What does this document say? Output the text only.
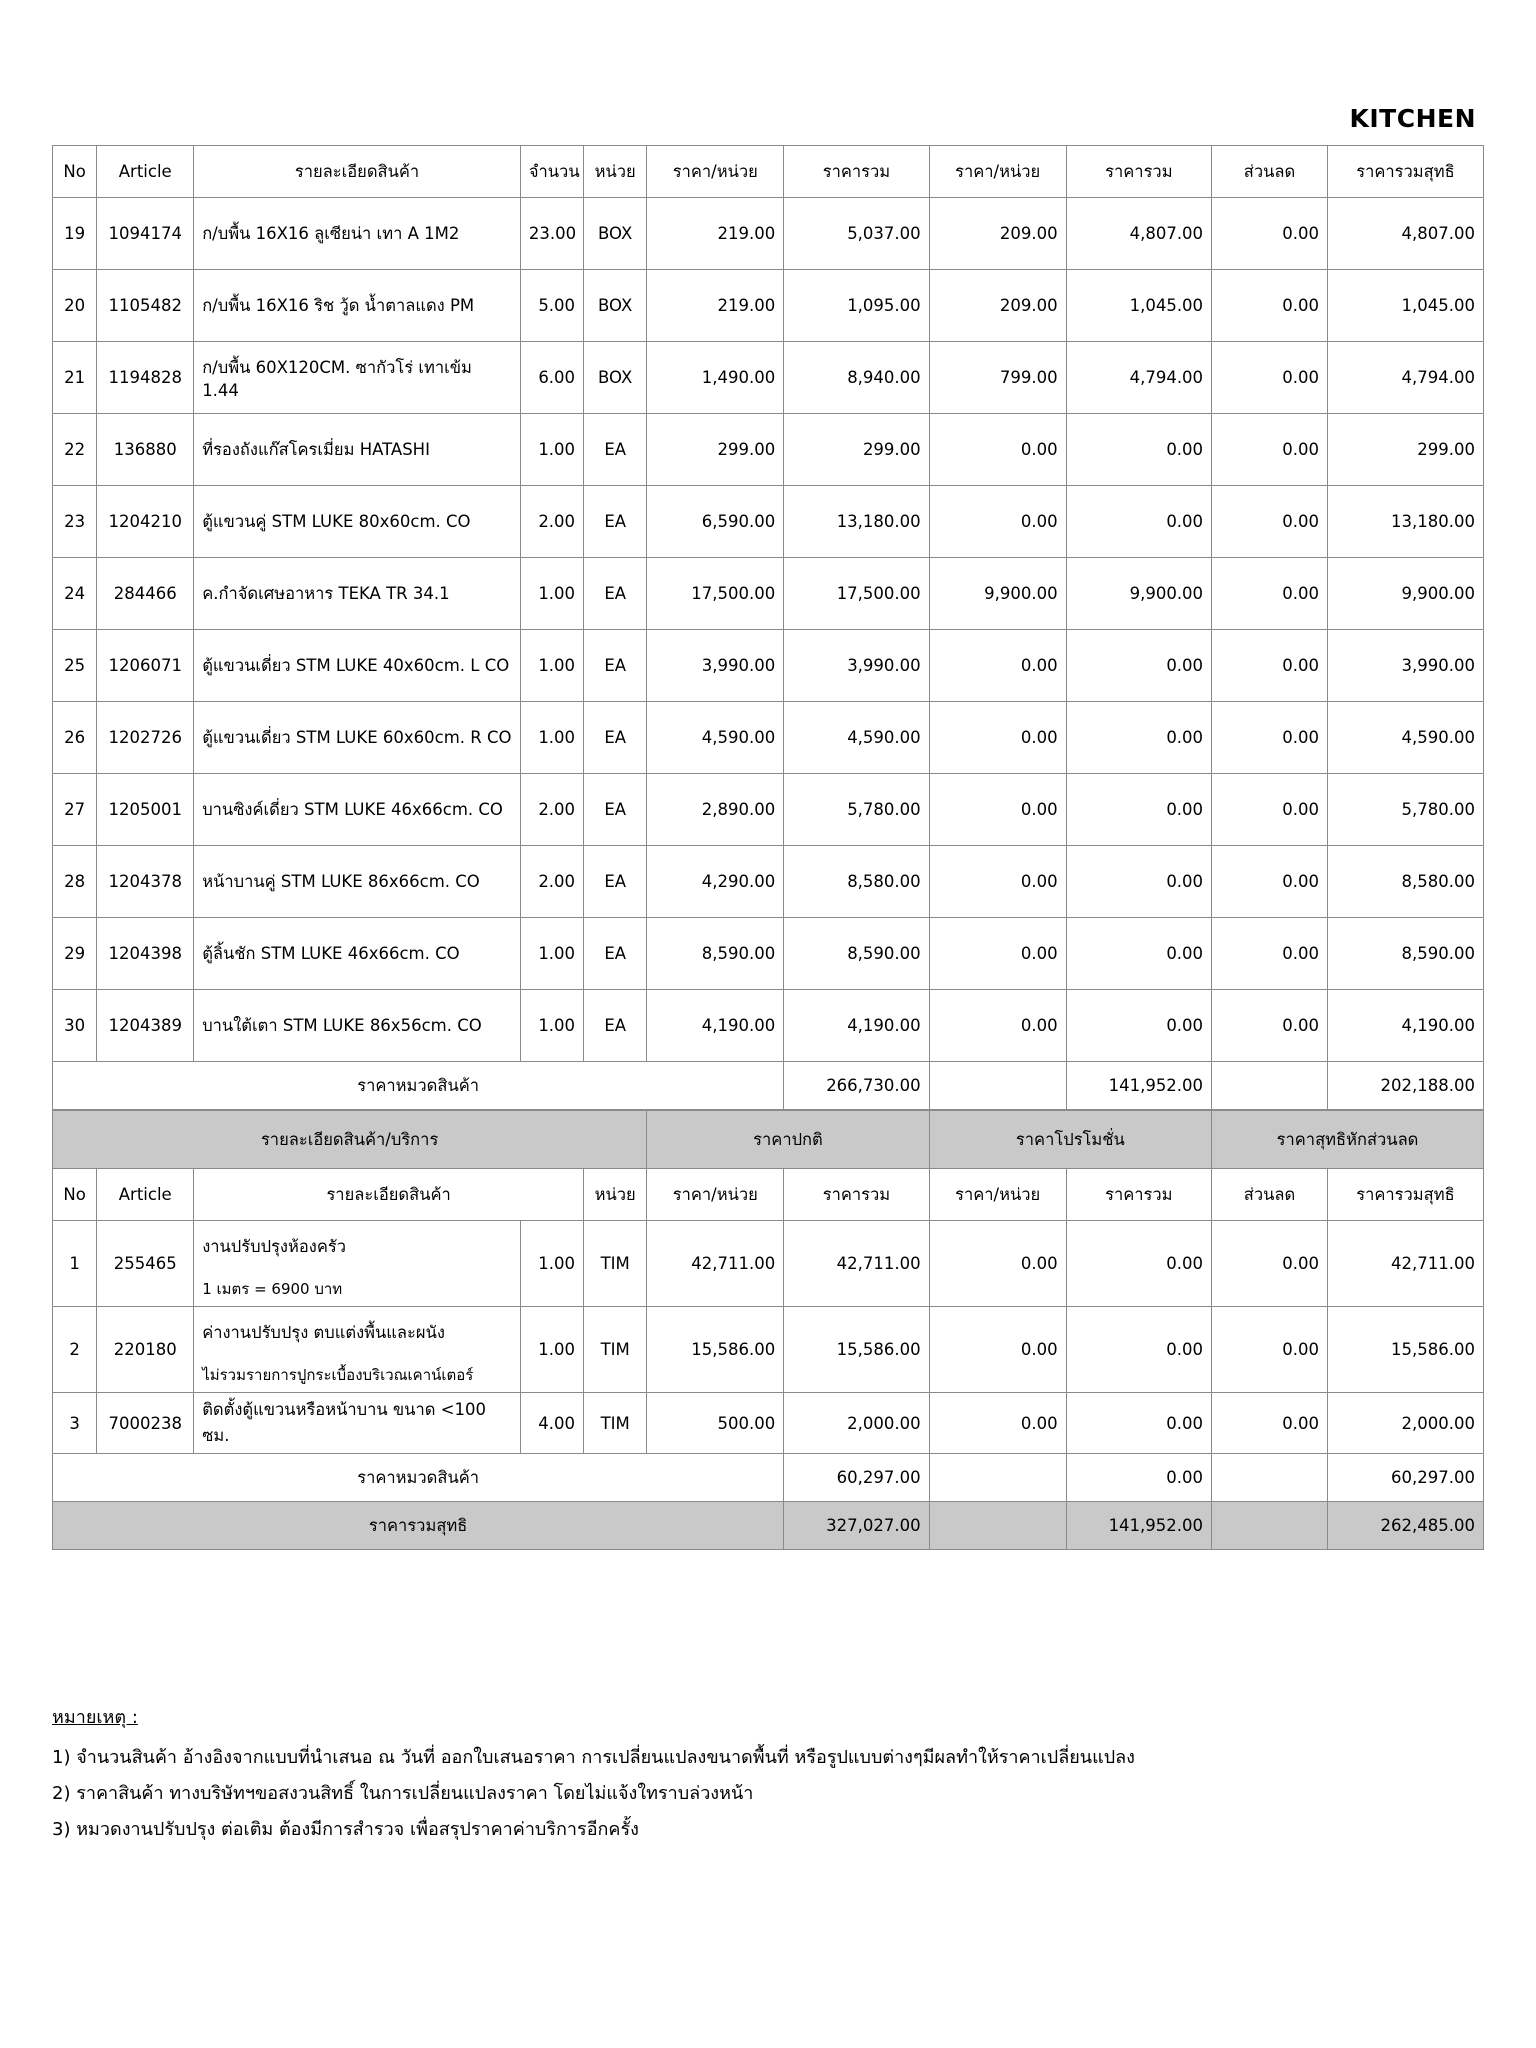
KITCHEN
No	Article	รายละเอียดสินค้า	จำนวน	หน่วย	ราคา/หน่วย	ราคารวม	ราคา/หน่วย	ราคารวม	ส่วนลด	ราคารวมสุทธิ
19	1094174	ก/บพื้น 16X16 ลูเซียน่า เทา A 1M2	23.00	BOX	219.00	5,037.00	209.00	4,807.00	0.00	4,807.00
20	1105482	ก/บพื้น 16X16 ริช วู้ด น้ำตาลแดง PM	5.00	BOX	219.00	1,095.00	209.00	1,045.00	0.00	1,045.00
21	1194828	ก/บพื้น 60X120CM. ซากัวโร่ เทาเข้ม 1.44	6.00	BOX	1,490.00	8,940.00	799.00	4,794.00	0.00	4,794.00
22	136880	ที่รองถังแก๊สโครเมี่ยม HATASHI	1.00	EA	299.00	299.00	0.00	0.00	0.00	299.00
23	1204210	ตู้แขวนคู่ STM LUKE 80x60cm. CO	2.00	EA	6,590.00	13,180.00	0.00	0.00	0.00	13,180.00
24	284466	ค.กำจัดเศษอาหาร TEKA TR 34.1	1.00	EA	17,500.00	17,500.00	9,900.00	9,900.00	0.00	9,900.00
25	1206071	ตู้แขวนเดี่ยว STM LUKE 40x60cm. L CO	1.00	EA	3,990.00	3,990.00	0.00	0.00	0.00	3,990.00
26	1202726	ตู้แขวนเดี่ยว STM LUKE 60x60cm. R CO	1.00	EA	4,590.00	4,590.00	0.00	0.00	0.00	4,590.00
27	1205001	บานซิงค์เดี่ยว STM LUKE 46x66cm. CO	2.00	EA	2,890.00	5,780.00	0.00	0.00	0.00	5,780.00
28	1204378	หน้าบานคู่ STM LUKE 86x66cm. CO	2.00	EA	4,290.00	8,580.00	0.00	0.00	0.00	8,580.00
29	1204398	ตู้ลิ้นชัก STM LUKE 46x66cm. CO	1.00	EA	8,590.00	8,590.00	0.00	0.00	0.00	8,590.00
30	1204389	บานใต้เตา STM LUKE 86x56cm. CO	1.00	EA	4,190.00	4,190.00	0.00	0.00	0.00	4,190.00
ราคาหมวดสินค้า						266,730.00		141,952.00		202,188.00
รายละเอียดสินค้า/บริการ					ราคาปกติ		ราคาโปรโมชั่น		ราคาสุทธิหักส่วนลด	
No	Article	รายละเอียดสินค้า		หน่วย	ราคา/หน่วย	ราคารวม	ราคา/หน่วย	ราคารวม	ส่วนลด	ราคารวมสุทธิ
1	255465	งานปรับปรุงห้องครัว	1.00	TIM	42,711.00	42,711.00	0.00	0.00	0.00	42,711.00
		1 เมตร = 6900 บาท								
2	220180	ค่างานปรับปรุง ตบแต่งพื้นและผนัง	1.00	TIM	15,586.00	15,586.00	0.00	0.00	0.00	15,586.00
		ไม่รวมรายการปูกระเบื้องบริเวณเคาน์เตอร์								
3	7000238	ติดตั้งตู้แขวนหรือหน้าบาน ขนาด <100 ซม.	4.00	TIM	500.00	2,000.00	0.00	0.00	0.00	2,000.00
ราคาหมวดสินค้า						60,297.00		0.00		60,297.00
ราคารวมสุทธิ						327,027.00		141,952.00		262,485.00
หมายเหตุ :
1) จำนวนสินค้า อ้างอิงจากแบบที่นำเสนอ ณ วันที่ ออกใบเสนอราคา การเปลี่ยนแปลงขนาดพื้นที่ หรือรูปแบบต่างๆมีผลทำให้ราคาเปลี่ยนแปลง
2) ราคาสินค้า ทางบริษัทฯขอสงวนสิทธิ์ ในการเปลี่ยนแปลงราคา โดยไม่แจ้งใทราบล่วงหน้า
3) หมวดงานปรับปรุง ต่อเติม ต้องมีการสำรวจ เพื่อสรุปราคาค่าบริการอีกครั้ง
